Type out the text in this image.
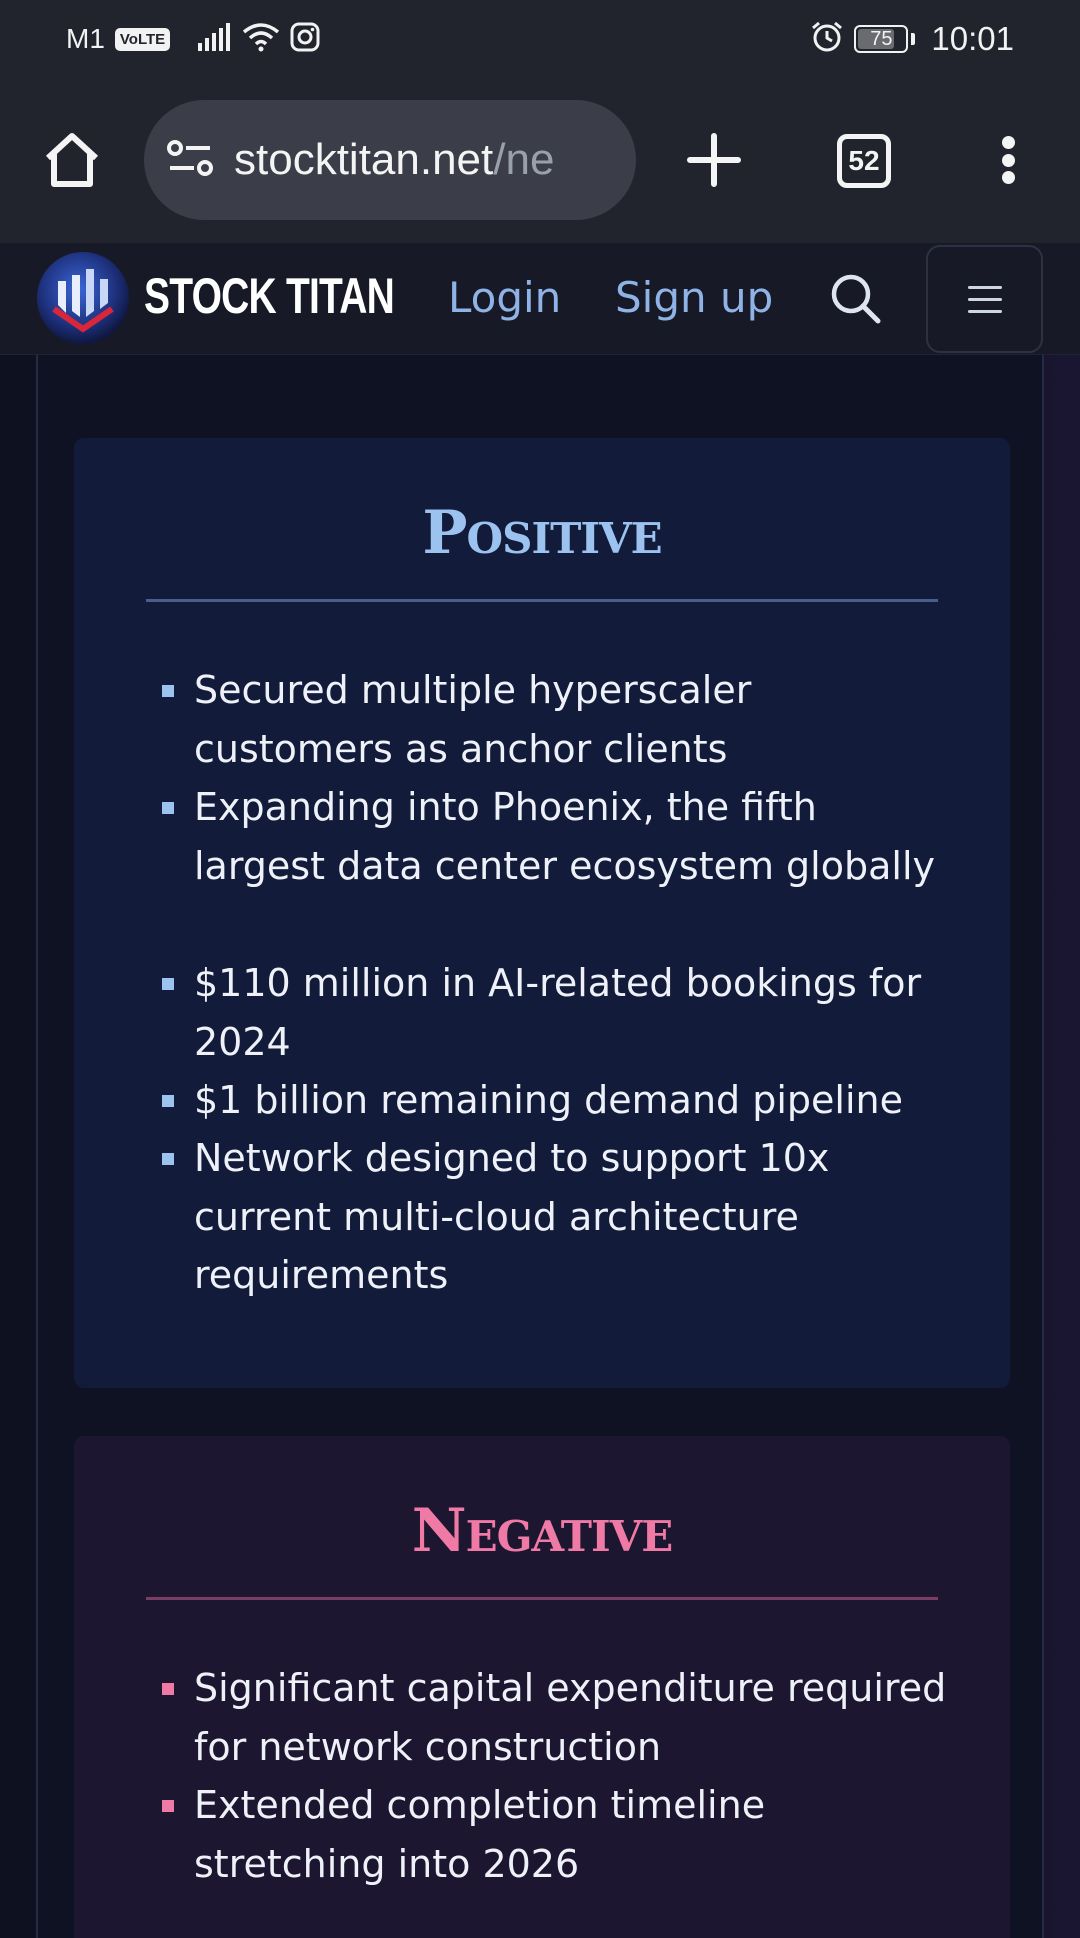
M1	VoLTE	75 10:01
stocktitan.net/ne	52
STOCK TITAN Login Sign up
Positive
Secured multiple hyperscaler customers as anchor clients
Expanding into Phoenix, the fifth largest data center ecosystem globally
$110 million in AI-related bookings for 2024
$1 billion remaining demand pipeline
Network designed to support 10x current multi-cloud architecture requirements
Negative
Significant capital expenditure required for network construction
Extended completion timeline stretching into 2026
